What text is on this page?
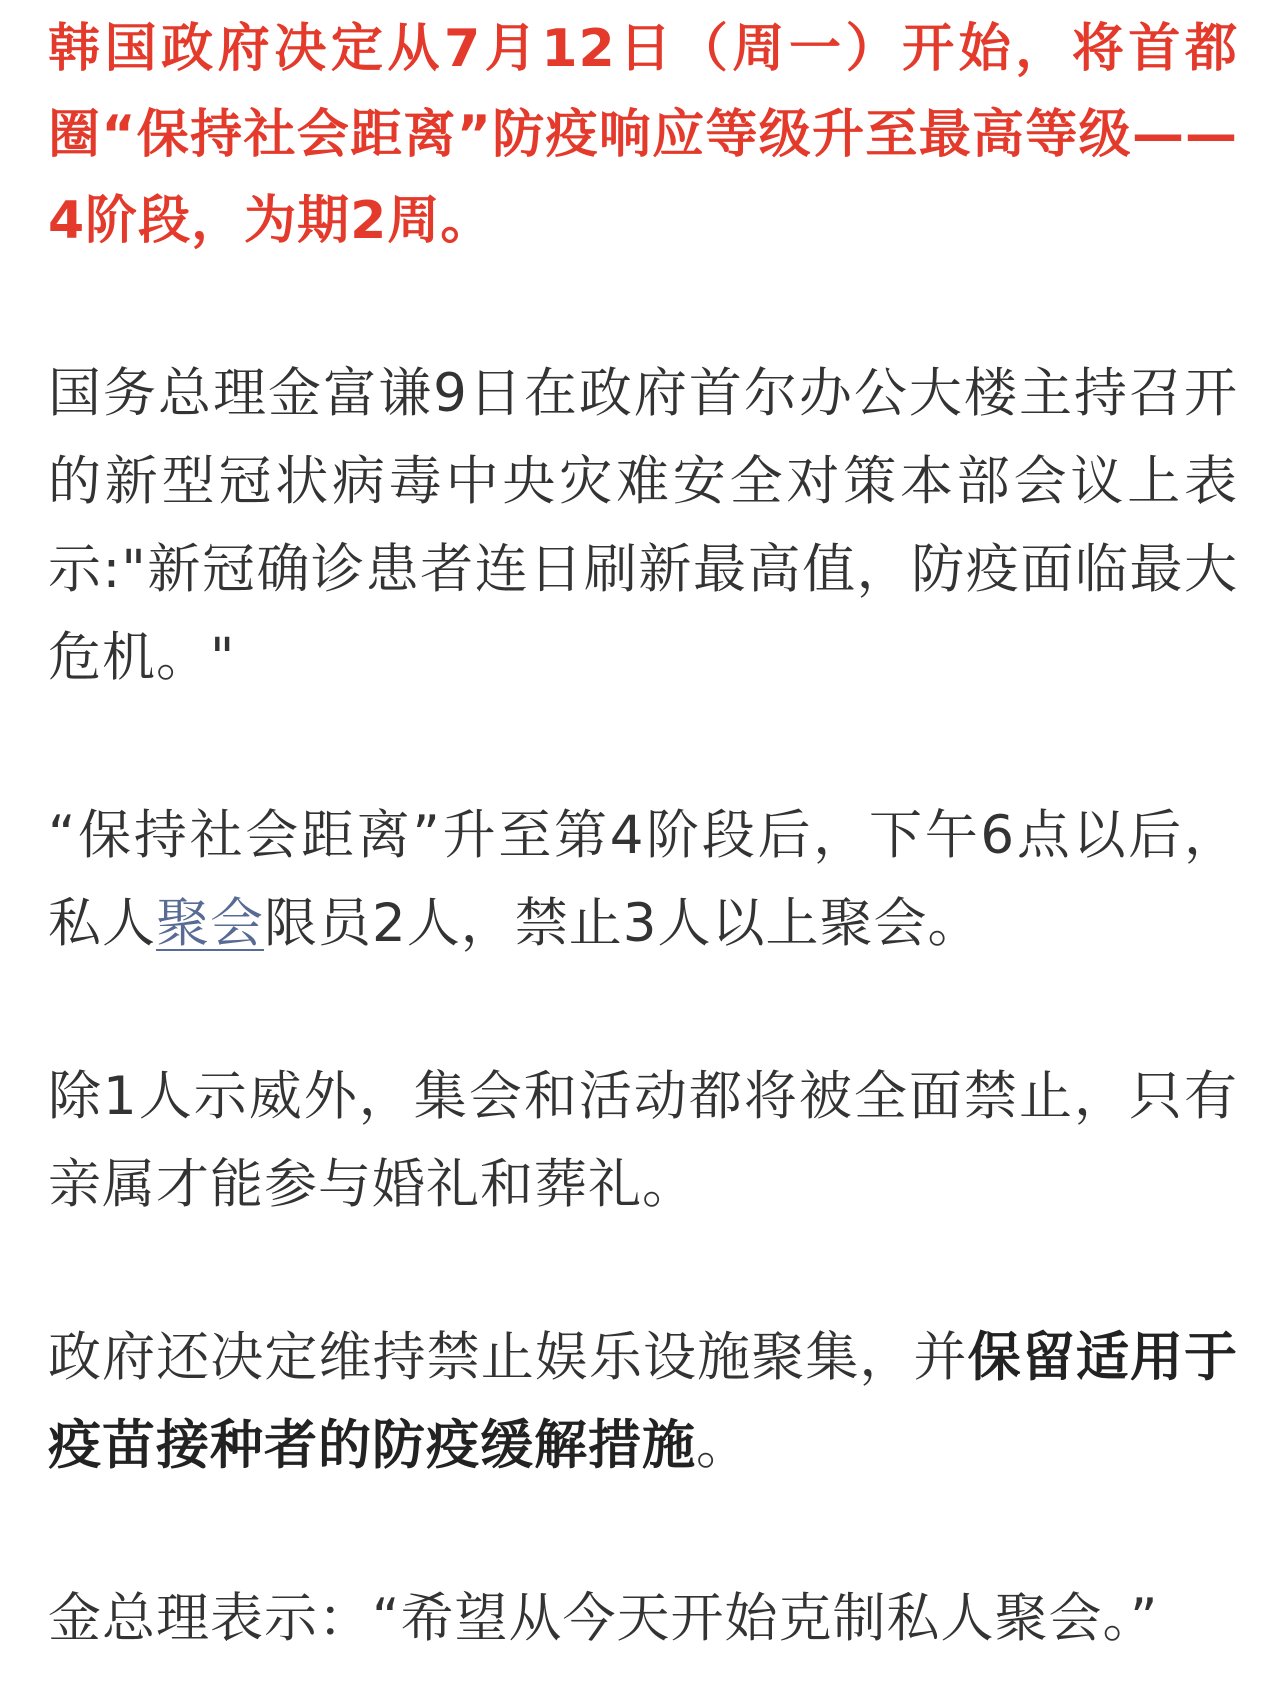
韩国政府决定从7月12日（周一）开始，将首都圈“保持社会距离”防疫响应等级升至最高等级——4阶段，为期2周。

国务总理金富谦9日在政府首尔办公大楼主持召开的新型冠状病毒中央灾难安全对策本部会议上表示:"新冠确诊患者连日刷新最高值，防疫面临最大危机。"

“保持社会距离”升至第4阶段后，下午6点以后，私人聚会限员2人，禁止3人以上聚会。

除1人示威外，集会和活动都将被全面禁止，只有亲属才能参与婚礼和葬礼。

政府还决定维持禁止娱乐设施聚集，并保留适用于疫苗接种者的防疫缓解措施。

金总理表示：“希望从今天开始克制私人聚会。”
